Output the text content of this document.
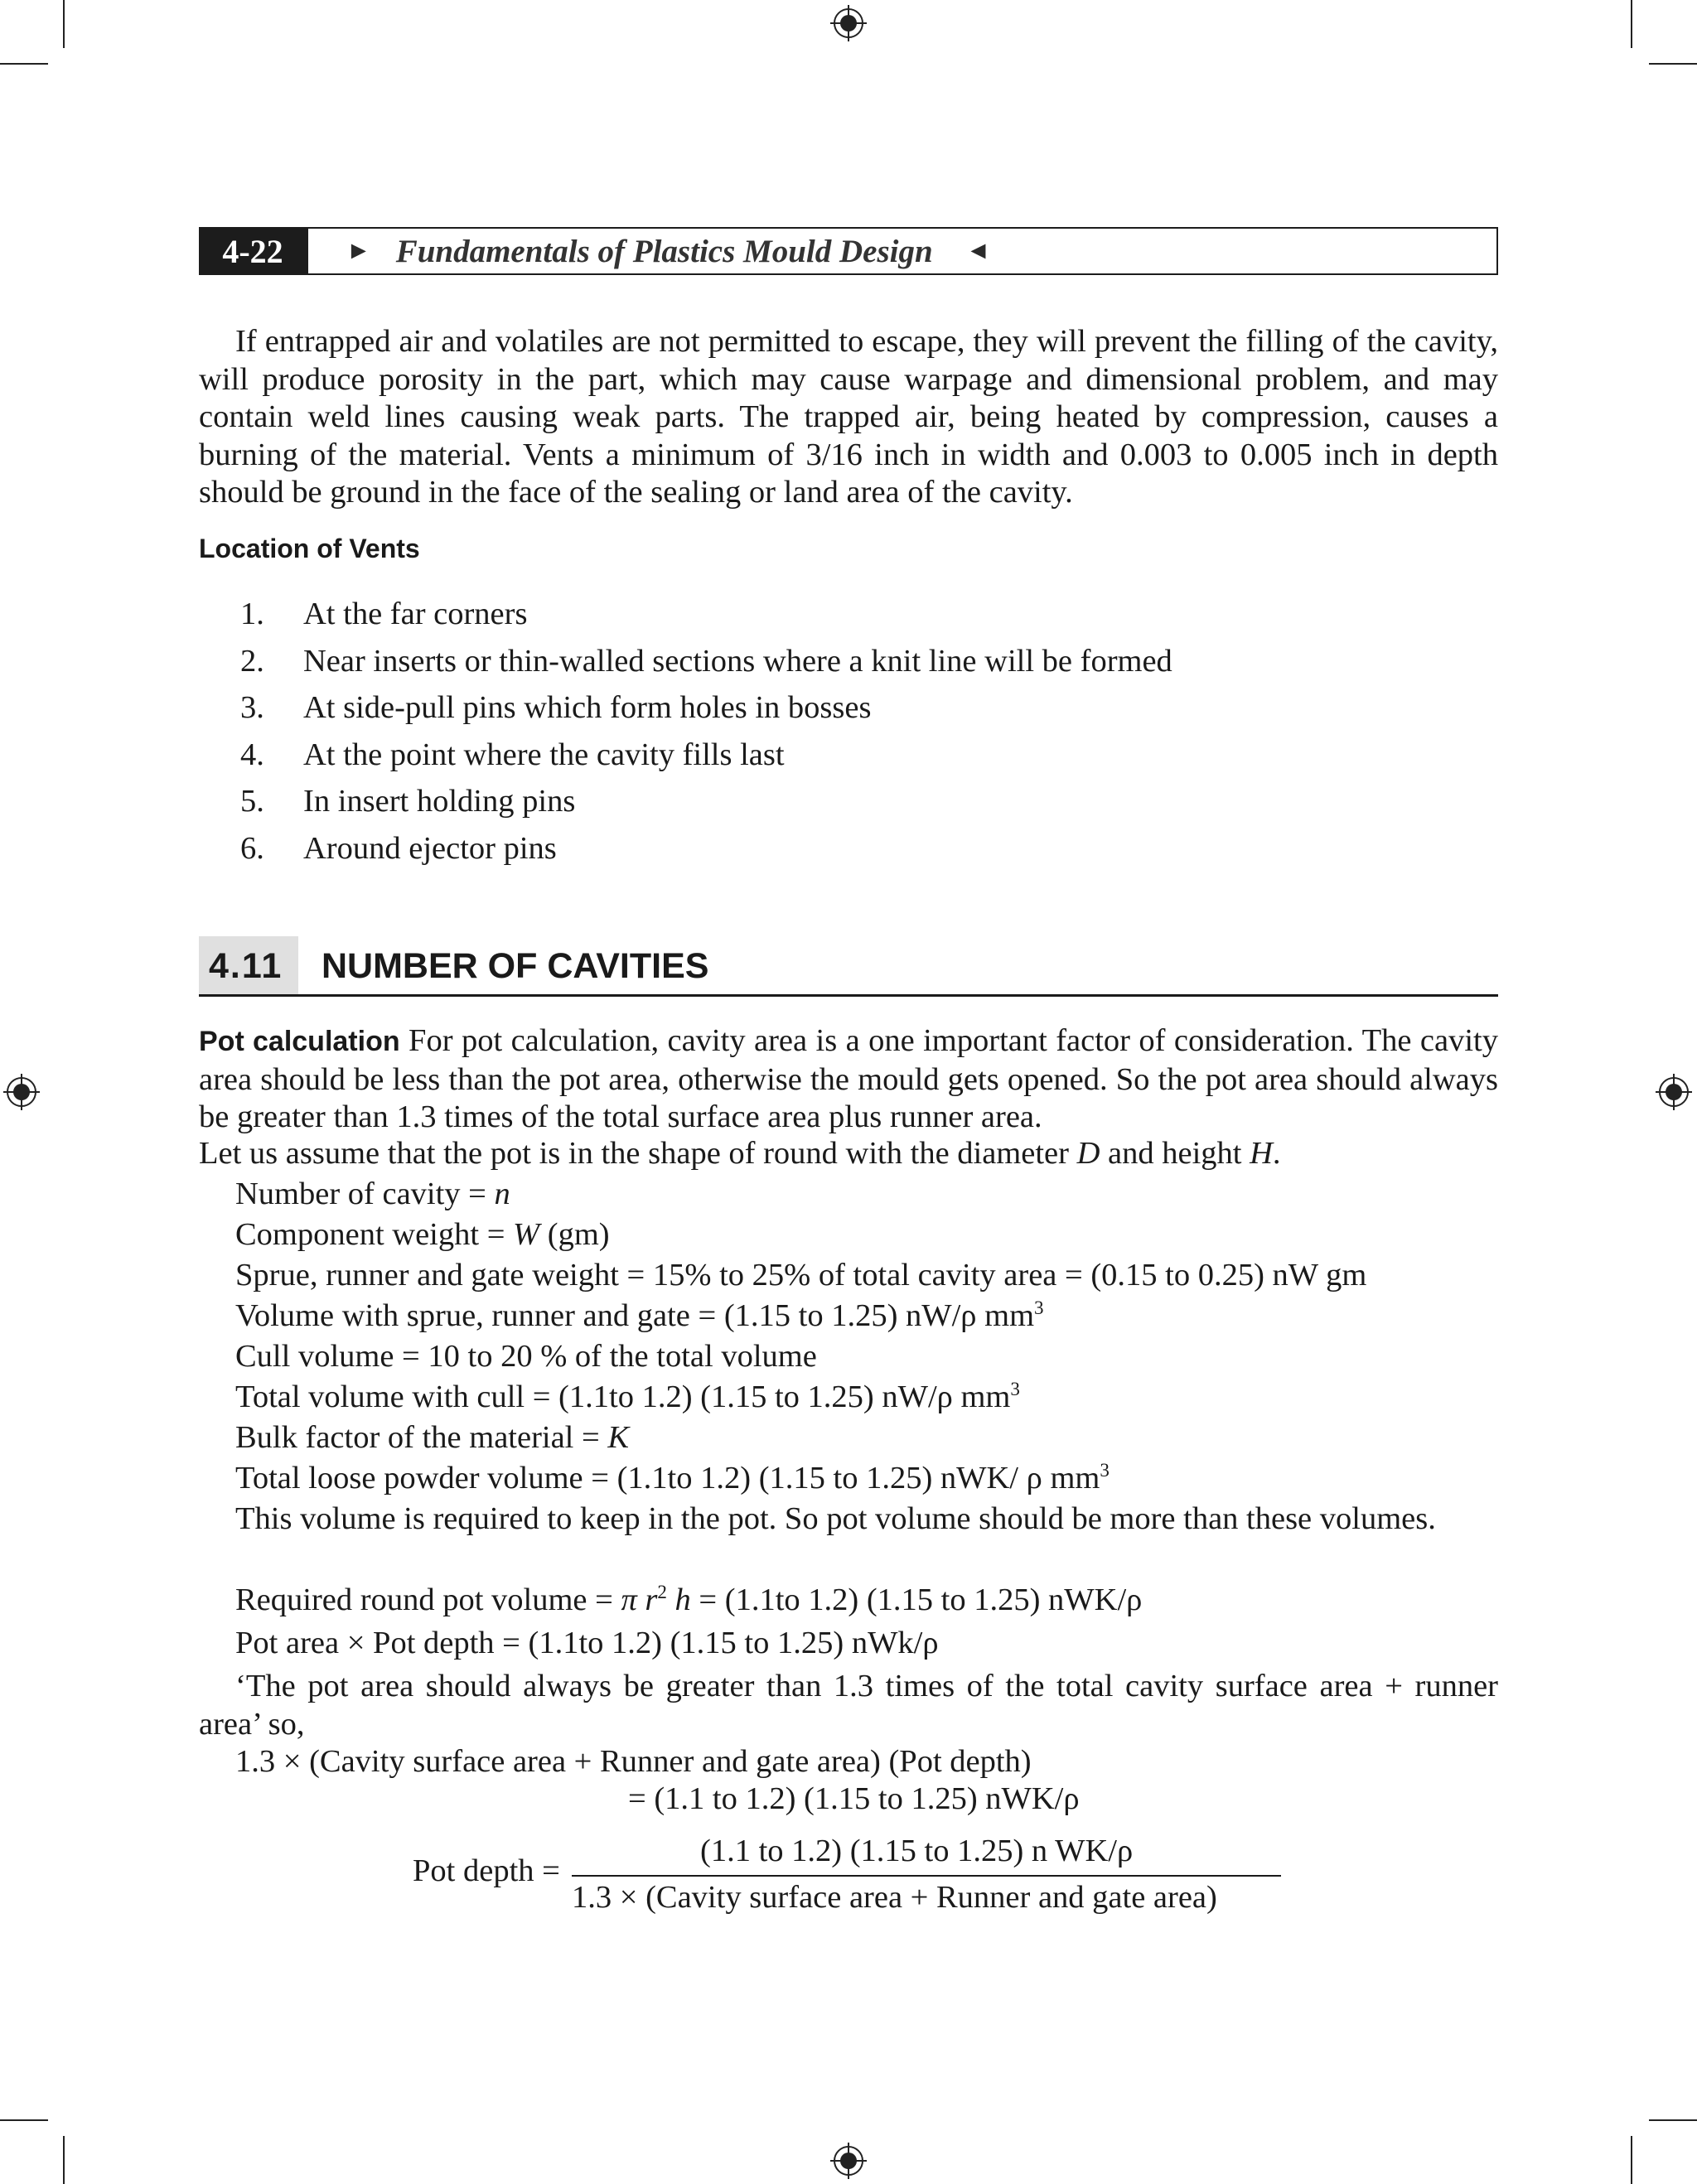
4-22	► Fundamentals of Plastics Mould Design ◄

If entrapped air and volatiles are not permitted to escape, they will prevent the filling of the cavity, will produce porosity in the part, which may cause warpage and dimensional problem, and may contain weld lines causing weak parts. The trapped air, being heated by compression, causes a burning of the material. Vents a minimum of 3/16 inch in width and 0.003 to 0.005 inch in depth should be ground in the face of the sealing or land area of the cavity.

Location of Vents
1.	At the far corners
2.	Near inserts or thin-walled sections where a knit line will be formed
3.	At side-pull pins which form holes in bosses
4.	At the point where the cavity fills last
5.	In insert holding pins
6.	Around ejector pins
4.11 NUMBER OF CAVITIES

Pot calculation For pot calculation, cavity area is a one important factor of consideration. The cavity area should be less than the pot area, otherwise the mould gets opened. So the pot area should always be greater than 1.3 times of the total surface area plus runner area.

Let us assume that the pot is in the shape of round with the diameter D and height H.

Number of cavity = n
Component weight = W (gm)
Sprue, runner and gate weight = 15% to 25% of total cavity area = (0.15 to 0.25) nW gm
Volume with sprue, runner and gate = (1.15 to 1.25) nW/ρ $mm^3$
Cull volume = 10 to 20 % of the total volume
Total volume with cull = (1.1to 1.2) (1.15 to 1.25) nW/ρ $mm^3$
Bulk factor of the material = K
Total loose powder volume = (1.1to 1.2) (1.15 to 1.25) nWK/ ρ $mm^3$

This volume is required to keep in the pot. So pot volume should be more than these volumes.

Required round pot volume = π $r^2$ h = (1.1to 1.2) (1.15 to 1.25) nWK/ρ
Pot area × Pot depth = (1.1to 1.2) (1.15 to 1.25) nWk/ρ

‘The pot area should always be greater than 1.3 times of the total cavity surface area + runner area’ so,

1.3 × (Cavity surface area + Runner and gate area) (Pot depth)
= (1.1 to 1.2) (1.15 to 1.25) nWK/ρ
Pot depth =
(1.1 to 1.2) (1.15 to 1.25) n WK/ρ
1.3 × (Cavity surface area + Runner and gate area)
